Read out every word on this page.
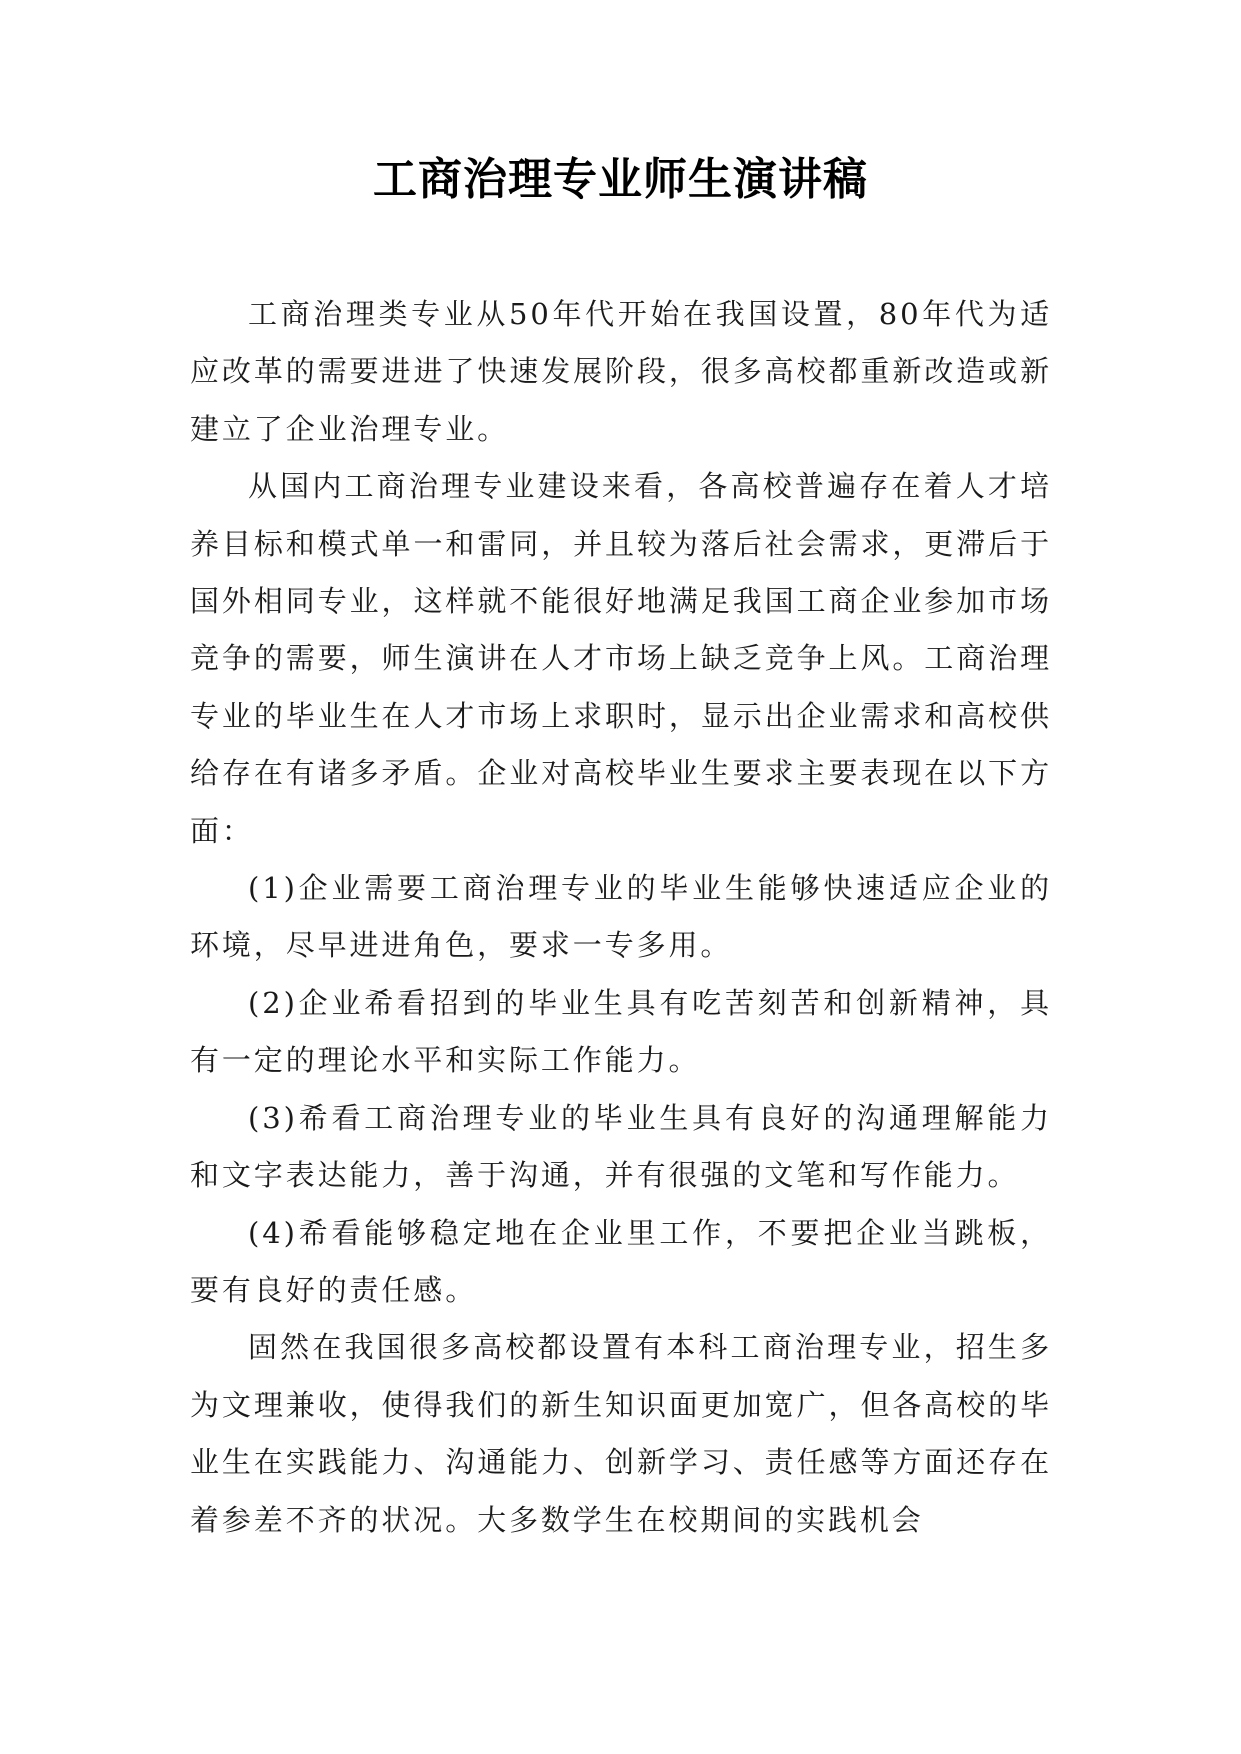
工商治理专业师生演讲稿

工商治理类专业从50年代开始在我国设置，80年代为适应改革的需要进进了快速发展阶段，很多高校都重新改造或新建立了企业治理专业。

从国内工商治理专业建设来看，各高校普遍存在着人才培养目标和模式单一和雷同，并且较为落后社会需求，更滞后于国外相同专业，这样就不能很好地满足我国工商企业参加市场竞争的需要，师生演讲在人才市场上缺乏竞争上风。工商治理专业的毕业生在人才市场上求职时，显示出企业需求和高校供给存在有诸多矛盾。企业对高校毕业生要求主要表现在以下方面：

(1)企业需要工商治理专业的毕业生能够快速适应企业的环境，尽早进进角色，要求一专多用。

(2)企业希看招到的毕业生具有吃苦刻苦和创新精神，具有一定的理论水平和实际工作能力。

(3)希看工商治理专业的毕业生具有良好的沟通理解能力和文字表达能力，善于沟通，并有很强的文笔和写作能力。

(4)希看能够稳定地在企业里工作，不要把企业当跳板，要有良好的责任感。

固然在我国很多高校都设置有本科工商治理专业，招生多为文理兼收，使得我们的新生知识面更加宽广，但各高校的毕业生在实践能力、沟通能力、创新学习、责任感等方面还存在着参差不齐的状况。大多数学生在校期间的实践机会
